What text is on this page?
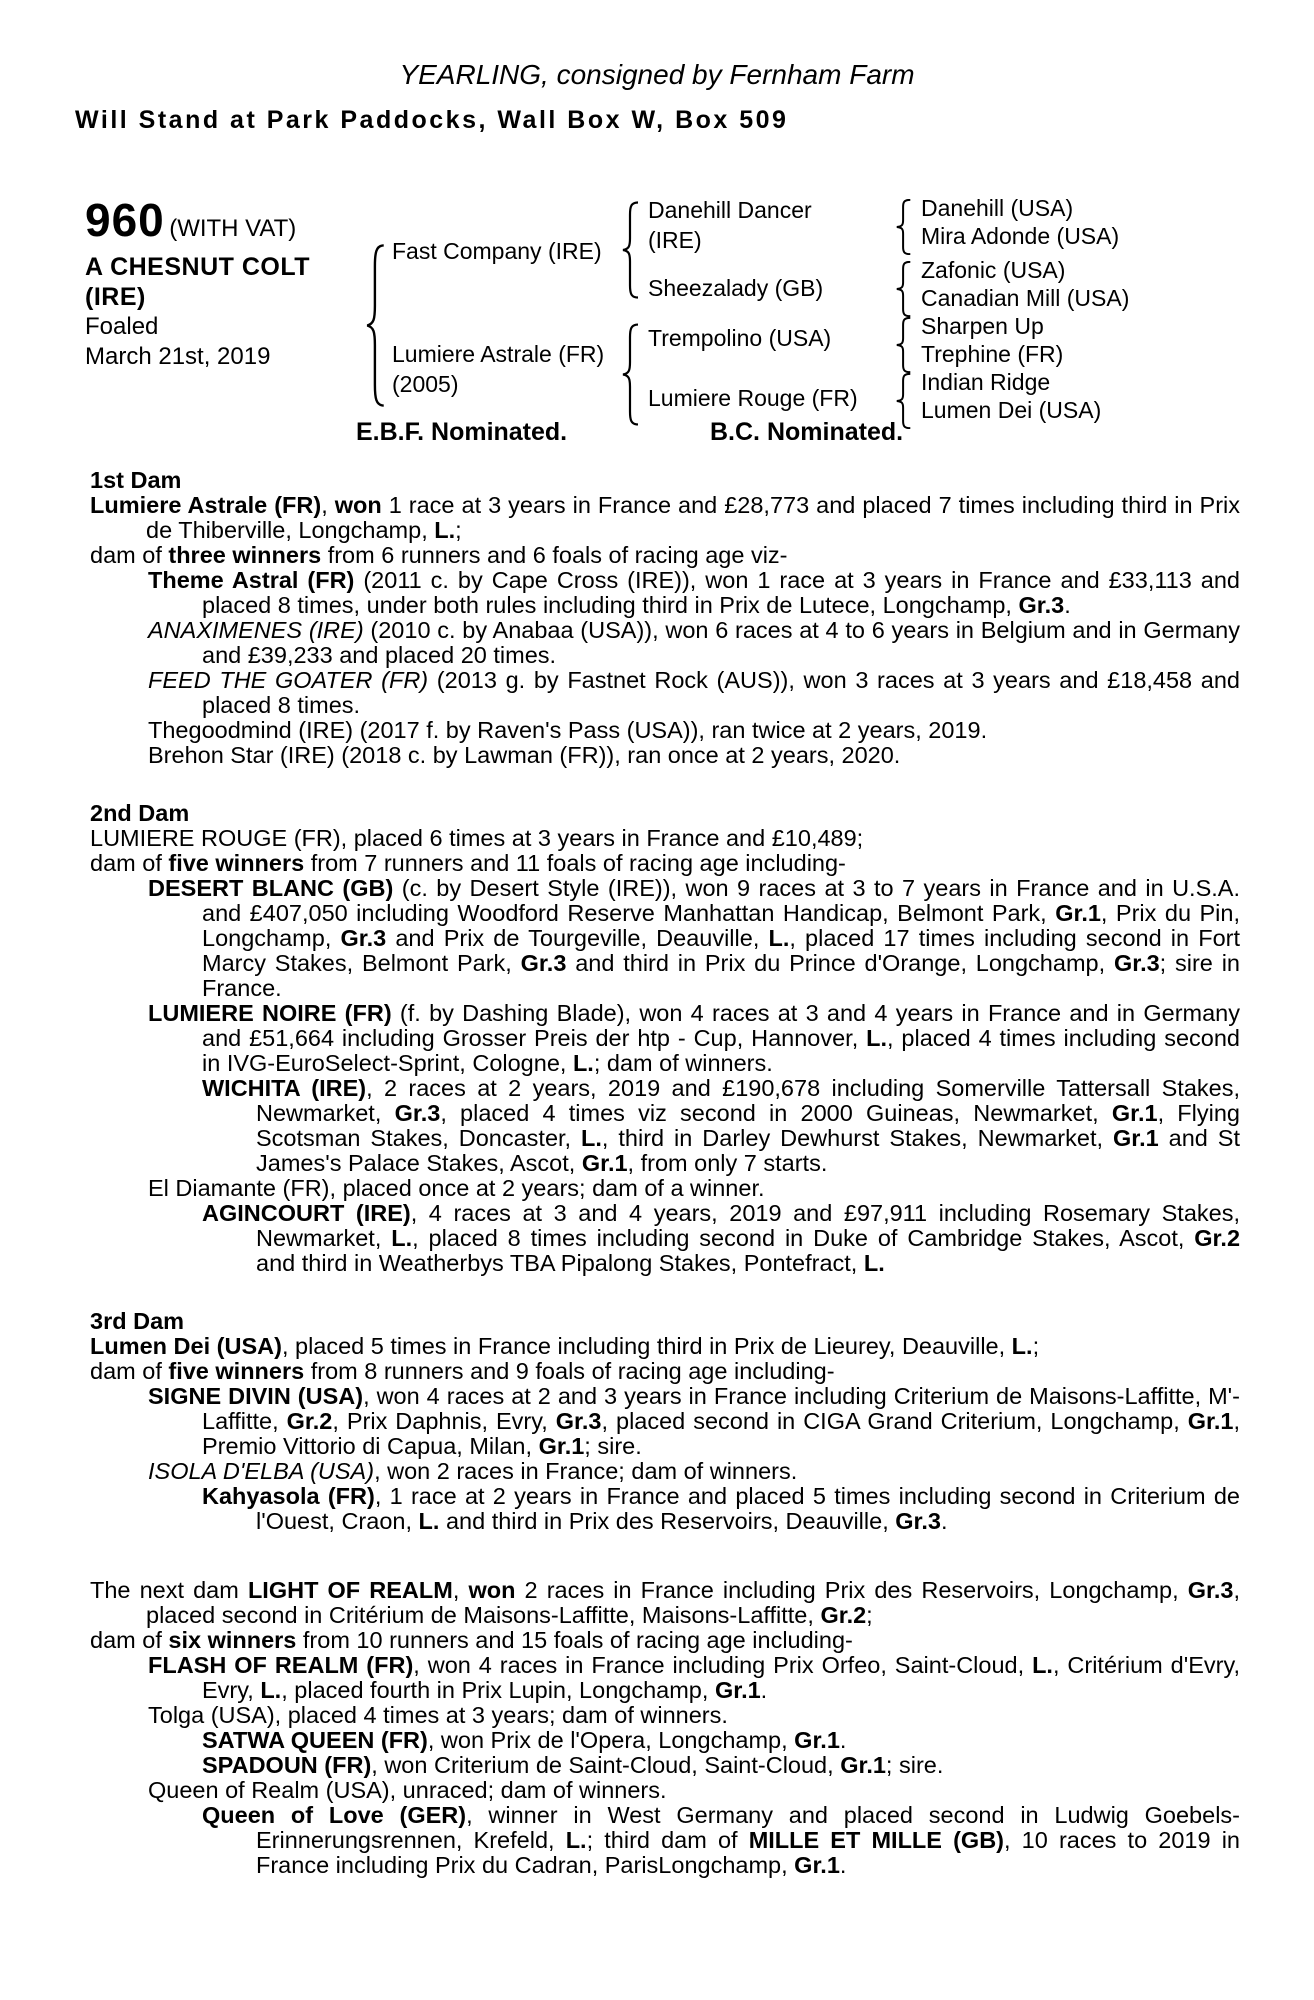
YEARLING, consigned by Fernham Farm
Will Stand at Park Paddocks, Wall Box W, Box 509
960 (WITH VAT)
A CHESNUT COLT
(IRE)
Foaled
March 21st, 2019
Fast Company (IRE)
Lumiere Astrale (FR)
(2005)
Danehill Dancer
(IRE)
Sheezalady (GB)
Trempolino (USA)
Lumiere Rouge (FR)
Danehill (USA)
Mira Adonde (USA)
Zafonic (USA)
Canadian Mill (USA)
Sharpen Up
Trephine (FR)
Indian Ridge
Lumen Dei (USA)
E.B.F. Nominated.	B.C. Nominated.
1st Dam
Lumiere Astrale (FR), won 1 race at 3 years in France and £28,773 and placed 7 times including third in Prix de Thiberville, Longchamp, L.;
dam of three winners from 6 runners and 6 foals of racing age viz-
Theme Astral (FR) (2011 c. by Cape Cross (IRE)), won 1 race at 3 years in France and £33,113 and placed 8 times, under both rules including third in Prix de Lutece, Longchamp, Gr.3.
ANAXIMENES (IRE) (2010 c. by Anabaa (USA)), won 6 races at 4 to 6 years in Belgium and in Germany and £39,233 and placed 20 times.
FEED THE GOATER (FR) (2013 g. by Fastnet Rock (AUS)), won 3 races at 3 years and £18,458 and placed 8 times.
Thegoodmind (IRE) (2017 f. by Raven's Pass (USA)), ran twice at 2 years, 2019.
Brehon Star (IRE) (2018 c. by Lawman (FR)), ran once at 2 years, 2020.
2nd Dam
LUMIERE ROUGE (FR), placed 6 times at 3 years in France and £10,489;
dam of five winners from 7 runners and 11 foals of racing age including-
DESERT BLANC (GB) (c. by Desert Style (IRE)), won 9 races at 3 to 7 years in France and in U.S.A. and £407,050 including Woodford Reserve Manhattan Handicap, Belmont Park, Gr.1, Prix du Pin, Longchamp, Gr.3 and Prix de Tourgeville, Deauville, L., placed 17 times including second in Fort Marcy Stakes, Belmont Park, Gr.3 and third in Prix du Prince d'Orange, Longchamp, Gr.3; sire in France.
LUMIERE NOIRE (FR) (f. by Dashing Blade), won 4 races at 3 and 4 years in France and in Germany and £51,664 including Grosser Preis der htp - Cup, Hannover, L., placed 4 times including second in IVG-EuroSelect-Sprint, Cologne, L.; dam of winners.
WICHITA (IRE), 2 races at 2 years, 2019 and £190,678 including Somerville Tattersall Stakes, Newmarket, Gr.3, placed 4 times viz second in 2000 Guineas, Newmarket, Gr.1, Flying Scotsman Stakes, Doncaster, L., third in Darley Dewhurst Stakes, Newmarket, Gr.1 and St James's Palace Stakes, Ascot, Gr.1, from only 7 starts.
El Diamante (FR), placed once at 2 years; dam of a winner.
AGINCOURT (IRE), 4 races at 3 and 4 years, 2019 and £97,911 including Rosemary Stakes, Newmarket, L., placed 8 times including second in Duke of Cambridge Stakes, Ascot, Gr.2 and third in Weatherbys TBA Pipalong Stakes, Pontefract, L.
3rd Dam
Lumen Dei (USA), placed 5 times in France including third in Prix de Lieurey, Deauville, L.;
dam of five winners from 8 runners and 9 foals of racing age including-
SIGNE DIVIN (USA), won 4 races at 2 and 3 years in France including Criterium de Maisons-Laffitte, M'-Laffitte, Gr.2, Prix Daphnis, Evry, Gr.3, placed second in CIGA Grand Criterium, Longchamp, Gr.1, Premio Vittorio di Capua, Milan, Gr.1; sire.
ISOLA D'ELBA (USA), won 2 races in France; dam of winners.
Kahyasola (FR), 1 race at 2 years in France and placed 5 times including second in Criterium de l'Ouest, Craon, L. and third in Prix des Reservoirs, Deauville, Gr.3.
The next dam LIGHT OF REALM, won 2 races in France including Prix des Reservoirs, Longchamp, Gr.3, placed second in Critérium de Maisons-Laffitte, Maisons-Laffitte, Gr.2;
dam of six winners from 10 runners and 15 foals of racing age including-
FLASH OF REALM (FR), won 4 races in France including Prix Orfeo, Saint-Cloud, L., Critérium d'Evry, Evry, L., placed fourth in Prix Lupin, Longchamp, Gr.1.
Tolga (USA), placed 4 times at 3 years; dam of winners.
SATWA QUEEN (FR), won Prix de l'Opera, Longchamp, Gr.1.
SPADOUN (FR), won Criterium de Saint-Cloud, Saint-Cloud, Gr.1; sire.
Queen of Realm (USA), unraced; dam of winners.
Queen of Love (GER), winner in West Germany and placed second in Ludwig Goebels-Erinnerungsrennen, Krefeld, L.; third dam of MILLE ET MILLE (GB), 10 races to 2019 in France including Prix du Cadran, ParisLongchamp, Gr.1.
